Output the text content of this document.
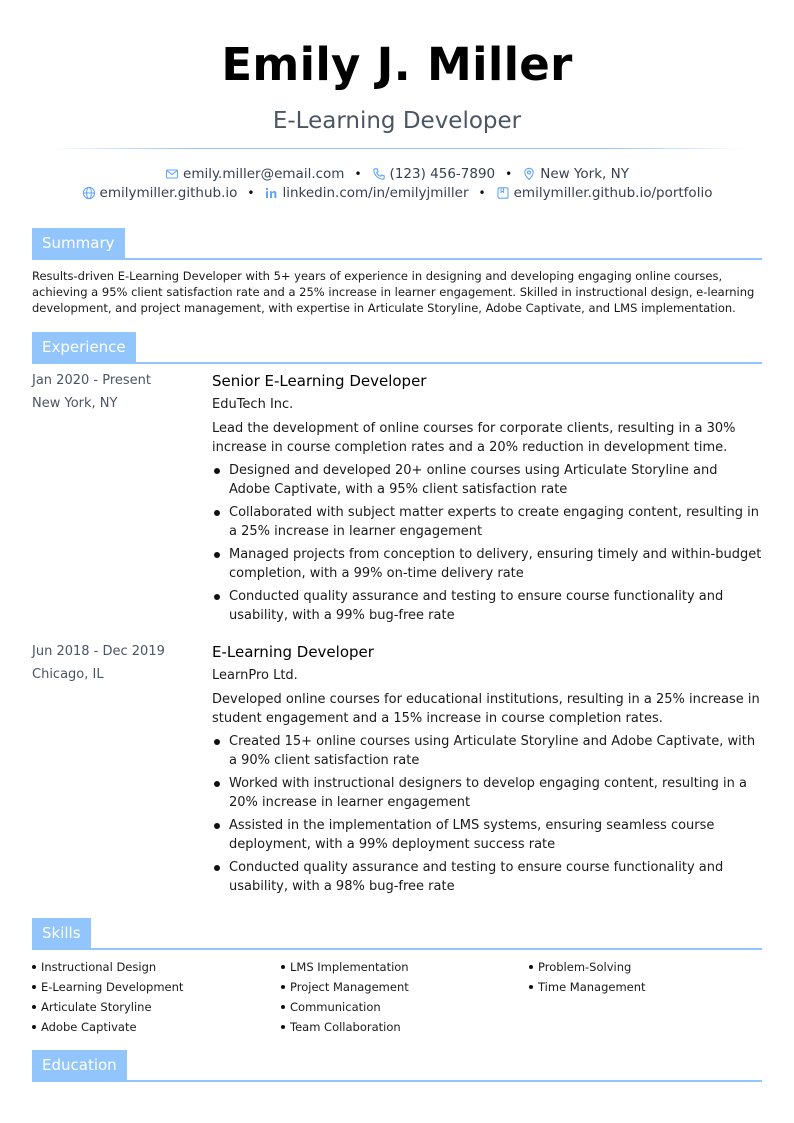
Emily J. Miller
E-Learning Developer
emily.miller@email.com • (123) 456-7890 • New York, NY
emilymiller.github.io • linkedin.com/in/emilyjmiller • emilymiller.github.io/portfolio
Summary
Results-driven E-Learning Developer with 5+ years of experience in designing and developing engaging online courses, achieving a 95% client satisfaction rate and a 25% increase in learner engagement. Skilled in instructional design, e-learning development, and project management, with expertise in Articulate Storyline, Adobe Captivate, and LMS implementation.
Experience
Jan 2020 - Present
New York, NY
Senior E-Learning Developer
EduTech Inc.
Lead the development of online courses for corporate clients, resulting in a 30% increase in course completion rates and a 20% reduction in development time.
Designed and developed 20+ online courses using Articulate Storyline and Adobe Captivate, with a 95% client satisfaction rate
Collaborated with subject matter experts to create engaging content, resulting in a 25% increase in learner engagement
Managed projects from conception to delivery, ensuring timely and within-budget completion, with a 99% on-time delivery rate
Conducted quality assurance and testing to ensure course functionality and usability, with a 99% bug-free rate
Jun 2018 - Dec 2019
Chicago, IL
E-Learning Developer
LearnPro Ltd.
Developed online courses for educational institutions, resulting in a 25% increase in student engagement and a 15% increase in course completion rates.
Created 15+ online courses using Articulate Storyline and Adobe Captivate, with a 90% client satisfaction rate
Worked with instructional designers to develop engaging content, resulting in a 20% increase in learner engagement
Assisted in the implementation of LMS systems, ensuring seamless course deployment, with a 99% deployment success rate
Conducted quality assurance and testing to ensure course functionality and usability, with a 98% bug-free rate
Skills
Instructional Design
E-Learning Development
Articulate Storyline
Adobe Captivate
LMS Implementation
Project Management
Communication
Team Collaboration
Problem-Solving
Time Management
Education
